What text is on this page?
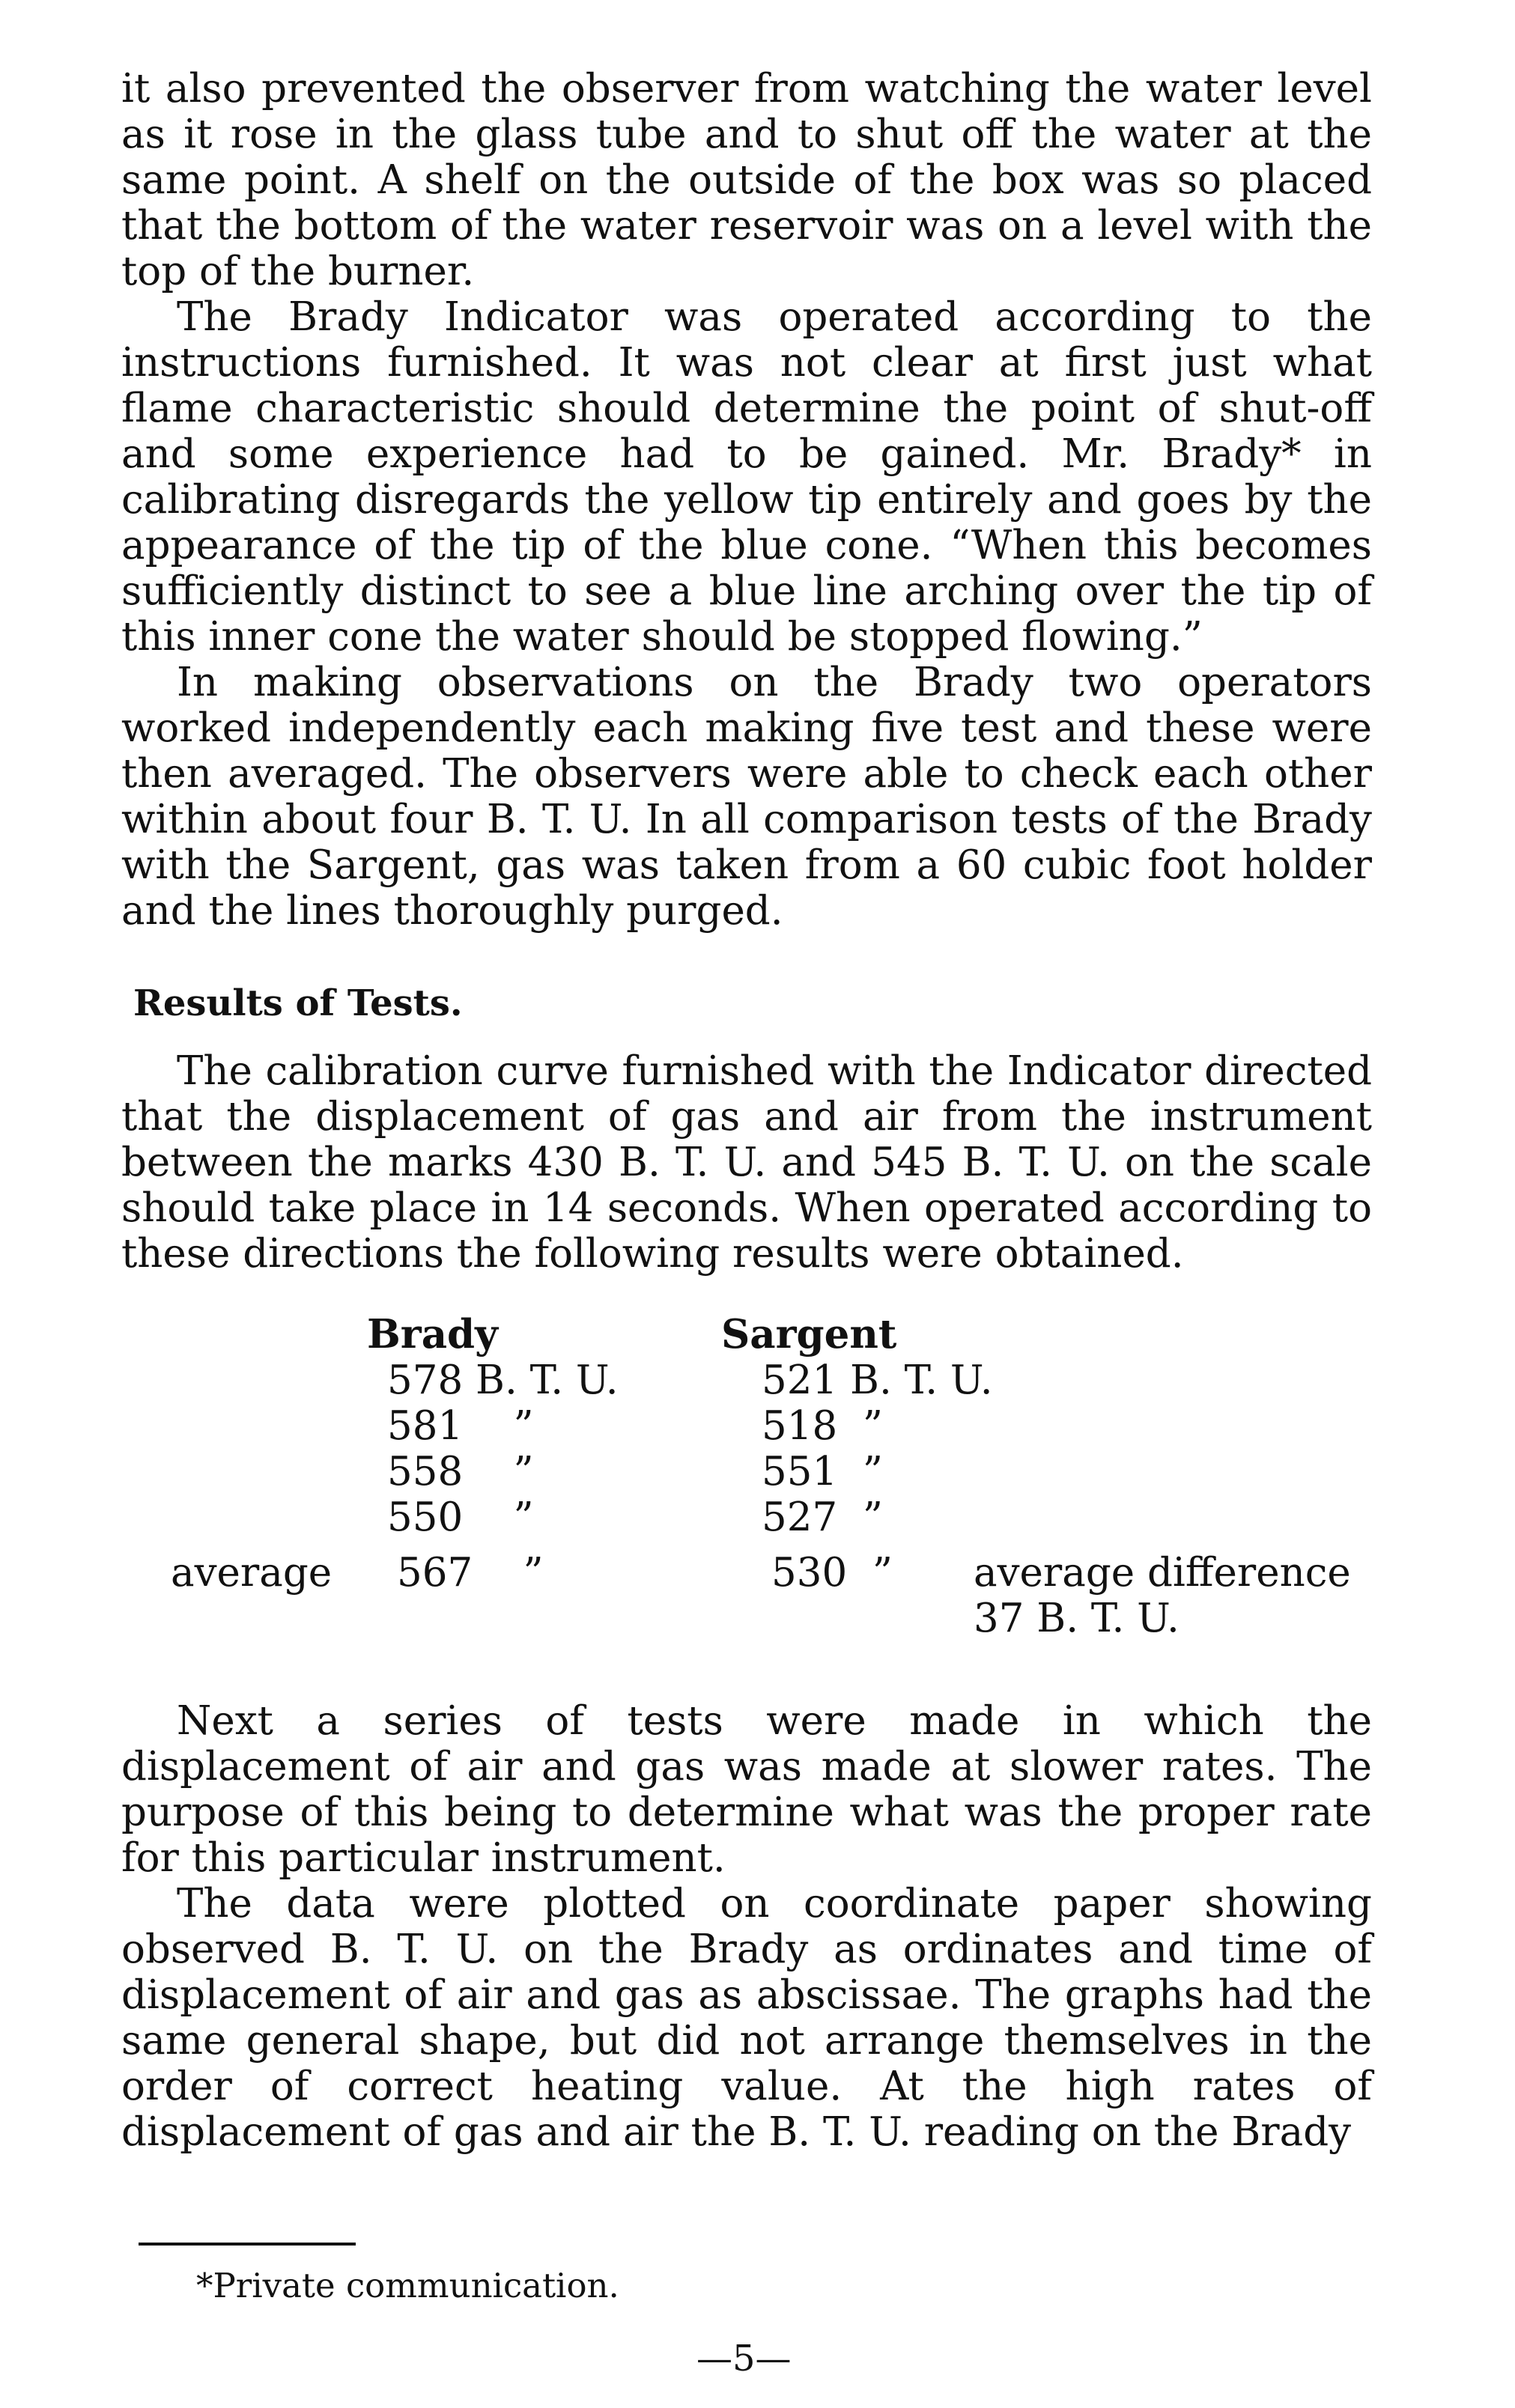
it also prevented the observer from watching the water level as it rose in the glass tube and to shut off the water at the same point. A shelf on the outside of the box was so placed that the bottom of the water reservoir was on a level with the top of the burner.

The Brady Indicator was operated according to the instructions furnished. It was not clear at first just what flame characteristic should determine the point of shut-off and some experience had to be gained. Mr. Brady* in calibrating disregards the yellow tip entirely and goes by the appearance of the tip of the blue cone. “When this becomes sufficiently distinct to see a blue line arching over the tip of this inner cone the water should be stopped flowing.”

In making observations on the Brady two operators worked independently each making five test and these were then averaged. The observers were able to check each other within about four B. T. U. In all comparison tests of the Brady with the Sargent, gas was taken from a 60 cubic foot holder and the lines thoroughly purged.

Results of Tests.

The calibration curve furnished with the Indicator directed that the displacement of gas and air from the instrument between the marks 430 B. T. U. and 545 B. T. U. on the scale should take place in 14 seconds. When operated according to these directions the following results were obtained.

Brady	Sargent
578 B. T. U.	521 B. T. U.
581    ”	518  ”
558    ”	551  ”
550    ”	527  ”
average 567    ”	530  ” average difference
37 B. T. U.

Next a series of tests were made in which the displacement of air and gas was made at slower rates. The purpose of this being to determine what was the proper rate for this particular instrument.

The data were plotted on coordinate paper showing observed B. T. U. on the Brady as ordinates and time of displacement of air and gas as abscissae. The graphs had the same general shape, but did not arrange themselves in the order of correct heating value. At the high rates of displacement of gas and air the B. T. U. reading on the Brady

*Private communication.
—5—
